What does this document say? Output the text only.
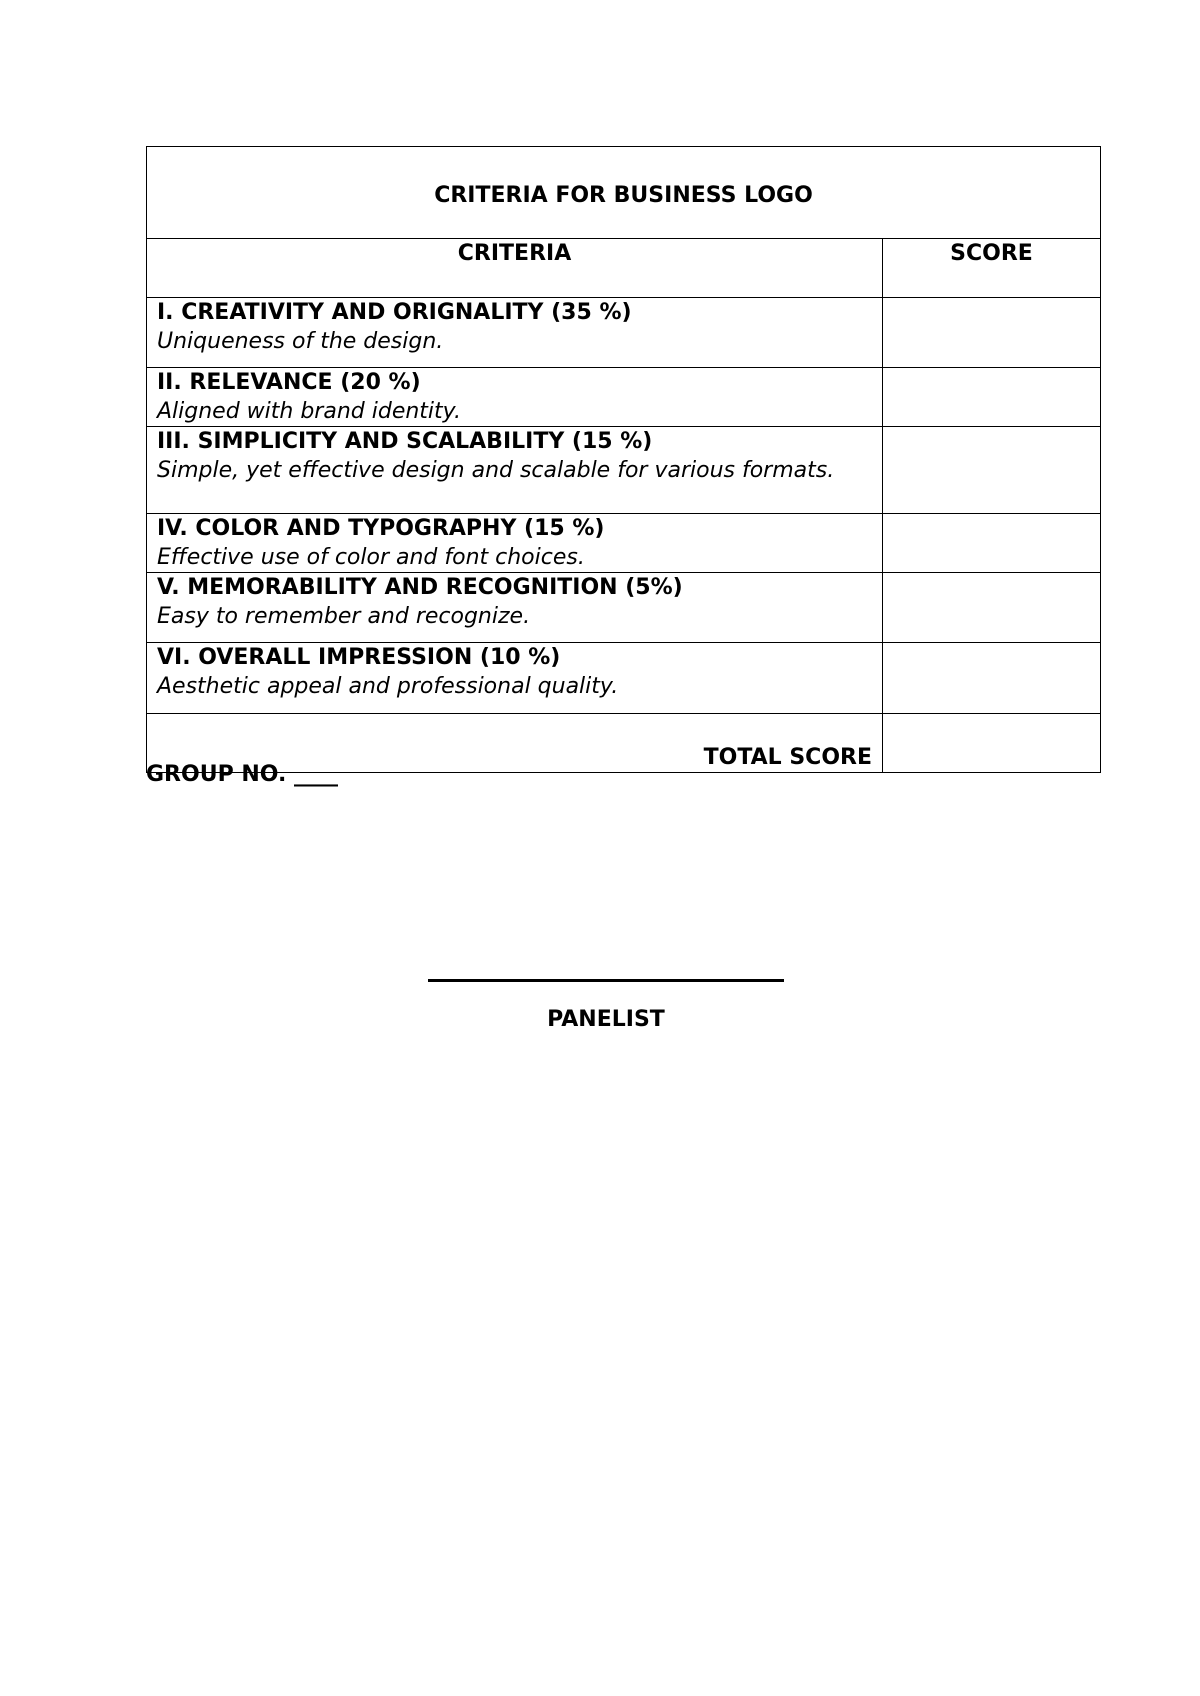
CRITERIA FOR BUSINESS LOGO	
CRITERIA	SCORE

I. CREATIVITY AND ORIGNALITY (35 %)
Uniqueness of the design.	

II. RELEVANCE (20 %)
Aligned with brand identity.	

III. SIMPLICITY AND SCALABILITY (15 %)
Simple, yet effective design and scalable for various formats.	

IV. COLOR AND TYPOGRAPHY (15 %)
Effective use of color and font choices.	

V. MEMORABILITY AND RECOGNITION (5%)
Easy to remember and recognize.	

VI. OVERALL IMPRESSION (10 %)
Aesthetic appeal and professional quality.	

TOTAL SCORE	
GROUP NO. ____
PANELIST
